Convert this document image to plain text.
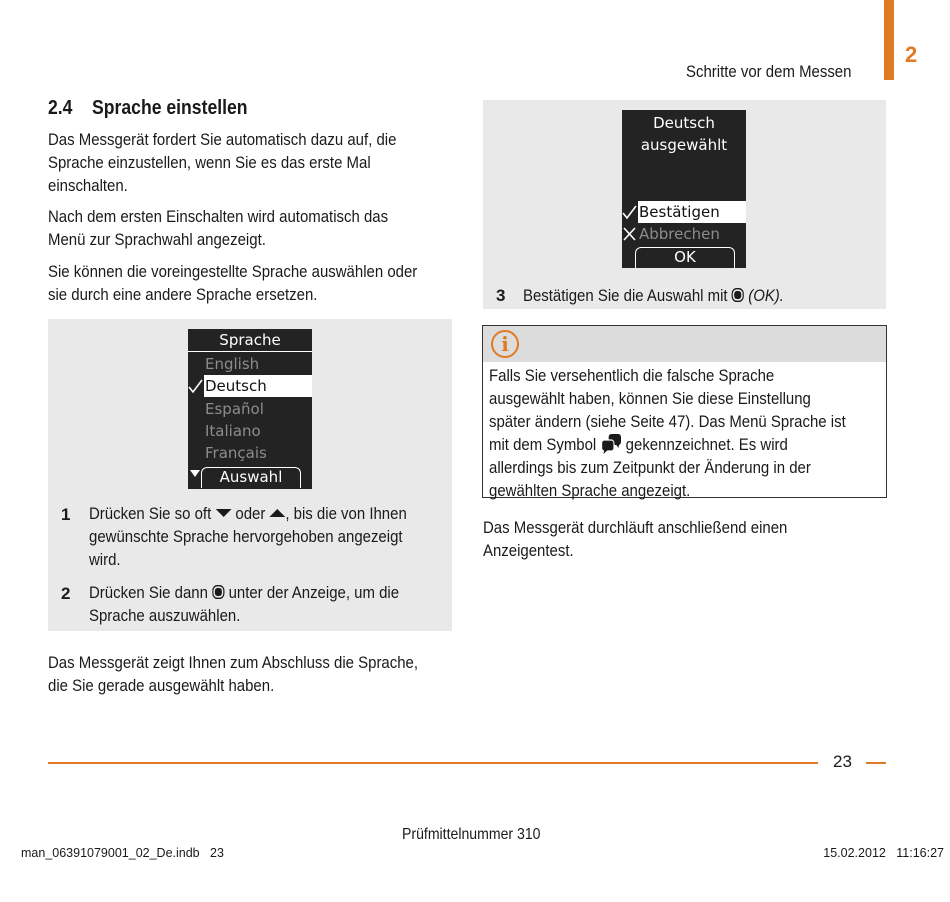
2
Schritte vor dem Messen
2.4    Sprache einstellen
Das Messgerät fordert Sie automatisch dazu auf, die
Sprache einzustellen, wenn Sie es das erste Mal
einschalten.
Nach dem ersten Einschalten wird automatisch das
Menü zur Sprachwahl angezeigt.
Sie können die voreingestellte Sprache auswählen oder
sie durch eine andere Sprache ersetzen.
Sprache
English
Deutsch
Español
Italiano
Français
Auswahl
1 Drücken Sie so oft  oder , bis die von Ihnen
gewünschte Sprache hervorgehoben angezeigt
wird.
2 Drücken Sie dann  unter der Anzeige, um die
Sprache auszuwählen.
Das Messgerät zeigt Ihnen zum Abschluss die Sprache,
die Sie gerade ausgewählt haben.
Deutsch
ausgewählt
Bestätigen
Abbrechen
OK
3 Bestätigen Sie die Auswahl mit  (OK).
i
Falls Sie versehentlich die falsche Sprache
ausgewählt haben, können Sie diese Einstellung
später ändern (siehe Seite 47). Das Menü Sprache ist
mit dem Symbol  gekennzeichnet. Es wird
allerdings bis zum Zeitpunkt der Änderung in der
gewählten Sprache angezeigt.
Das Messgerät durchläuft anschließend einen
Anzeigentest.
23
Prüfmittelnummer 310
man_06391079001_02_De.indb   23	15.02.2012   11:16:27
